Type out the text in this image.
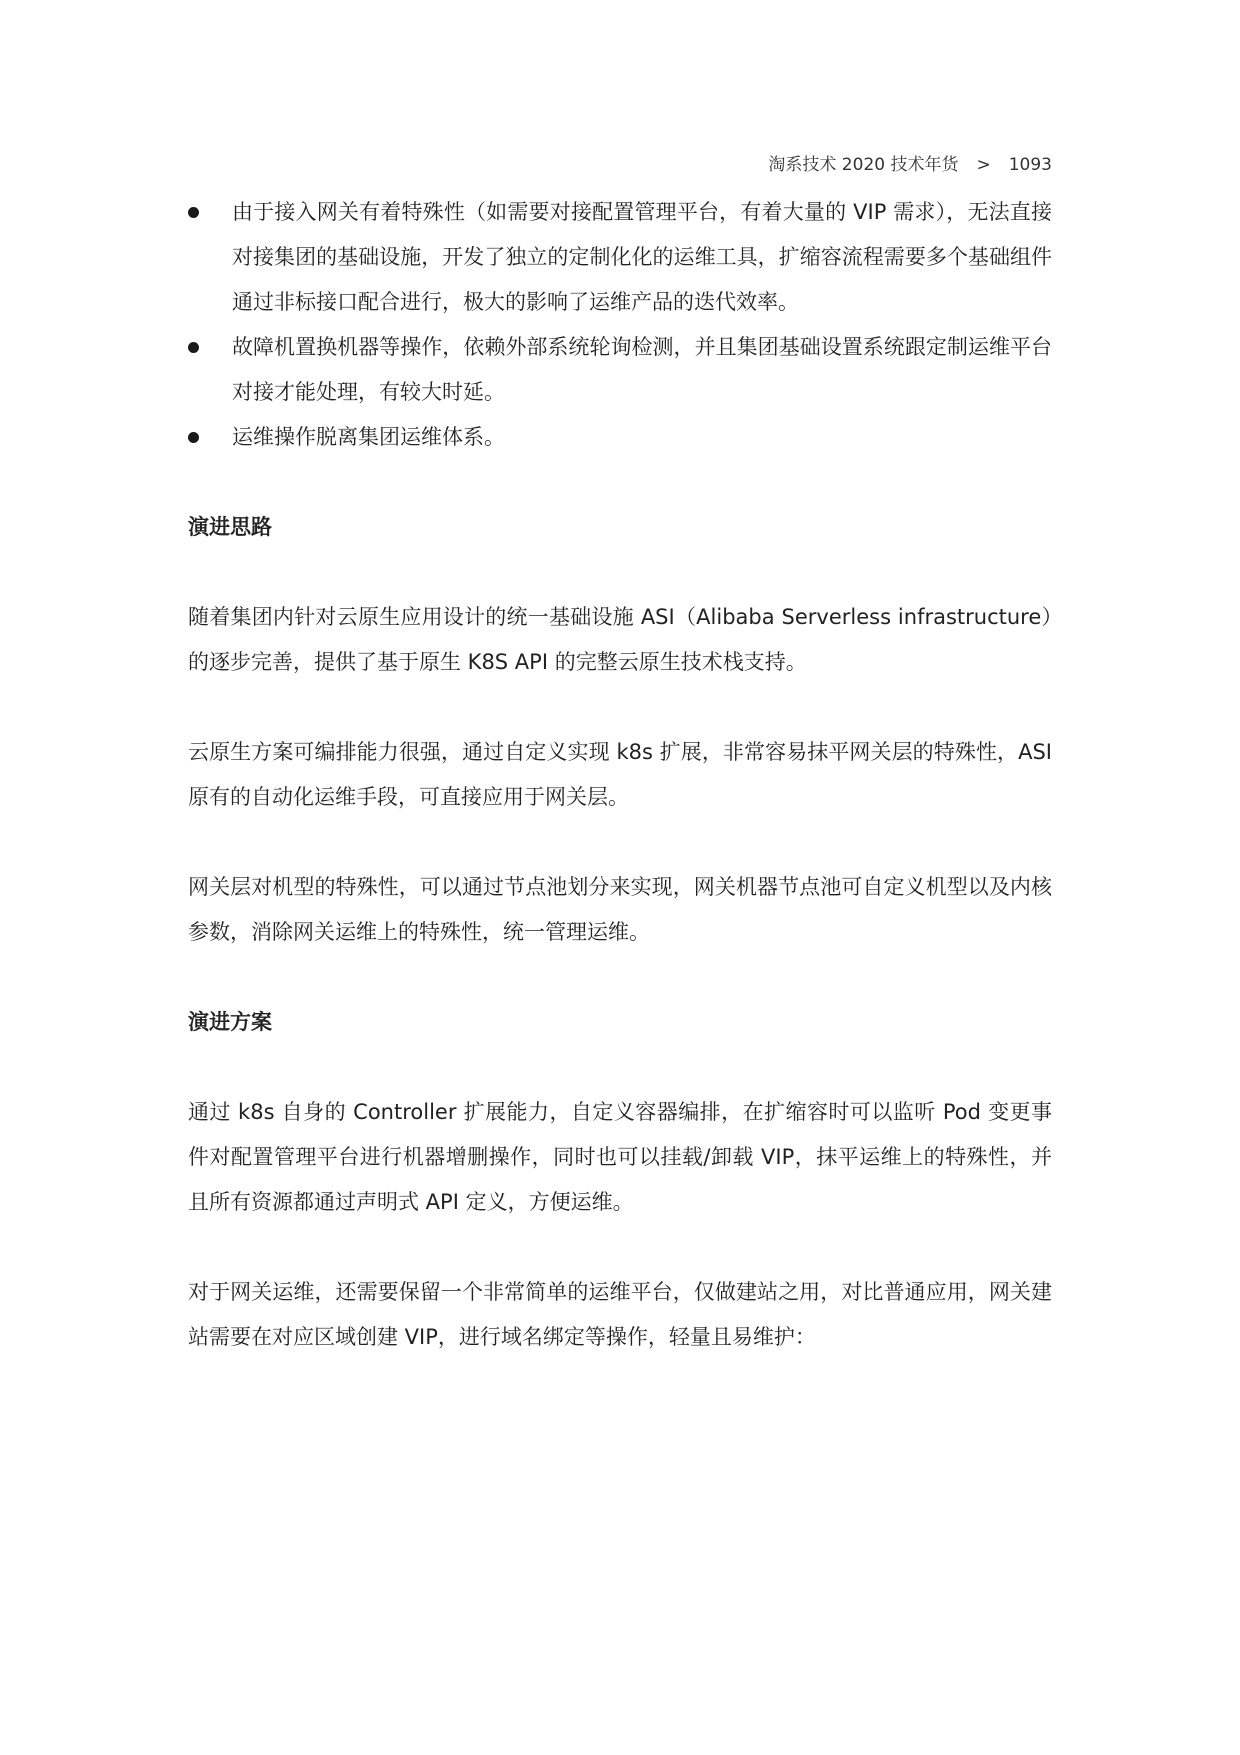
淘系技术 2020 技术年货 > 1093
由于接入网关有着特殊性（如需要对接配置管理平台，有着大量的 VIP 需求），无法直接对接集团的基础设施，开发了独立的定制化化的运维工具，扩缩容流程需要多个基础组件通过非标接口配合进行，极大的影响了运维产品的迭代效率。
故障机置换机器等操作，依赖外部系统轮询检测，并且集团基础设置系统跟定制运维平台对接才能处理，有较大时延。
运维操作脱离集团运维体系。
演进思路

随着集团内针对云原生应用设计的统一基础设施 ASI（Alibaba Serverless infrastructure）的逐步完善，提供了基于原生 K8S API 的完整云原生技术栈支持。

云原生方案可编排能力很强，通过自定义实现 k8s 扩展，非常容易抹平网关层的特殊性，ASI 原有的自动化运维手段，可直接应用于网关层。

网关层对机型的特殊性，可以通过节点池划分来实现，网关机器节点池可自定义机型以及内核参数，消除网关运维上的特殊性，统一管理运维。

演进方案

通过 k8s 自身的 Controller 扩展能力，自定义容器编排，在扩缩容时可以监听 Pod 变更事件对配置管理平台进行机器增删操作，同时也可以挂载/卸载 VIP，抹平运维上的特殊性，并且所有资源都通过声明式 API 定义，方便运维。

对于网关运维，还需要保留一个非常简单的运维平台，仅做建站之用，对比普通应用，网关建站需要在对应区域创建 VIP，进行域名绑定等操作，轻量且易维护：
